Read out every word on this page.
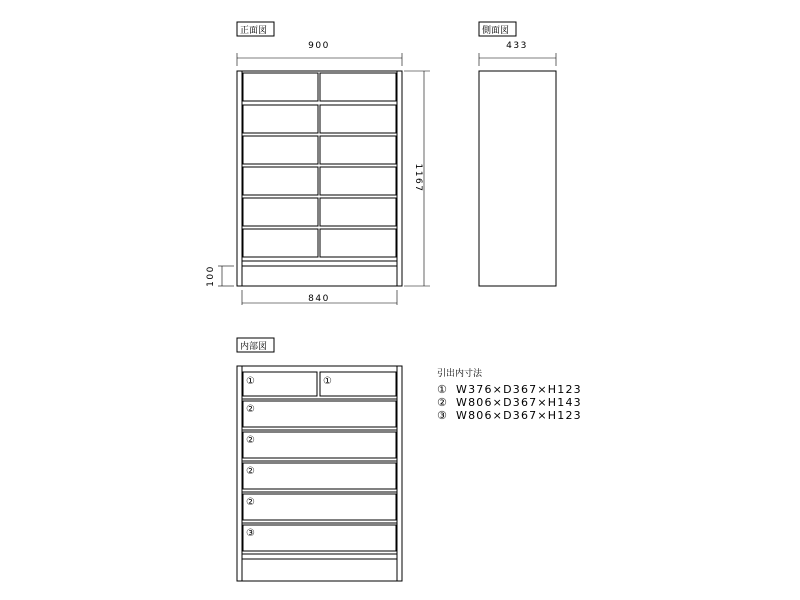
正面図
900
1167
100
840
側面図
433
内部図
①	①
②
②
②
②
③
引出内寸法
① W376×D367×H123
② W806×D367×H143
③ W806×D367×H123
